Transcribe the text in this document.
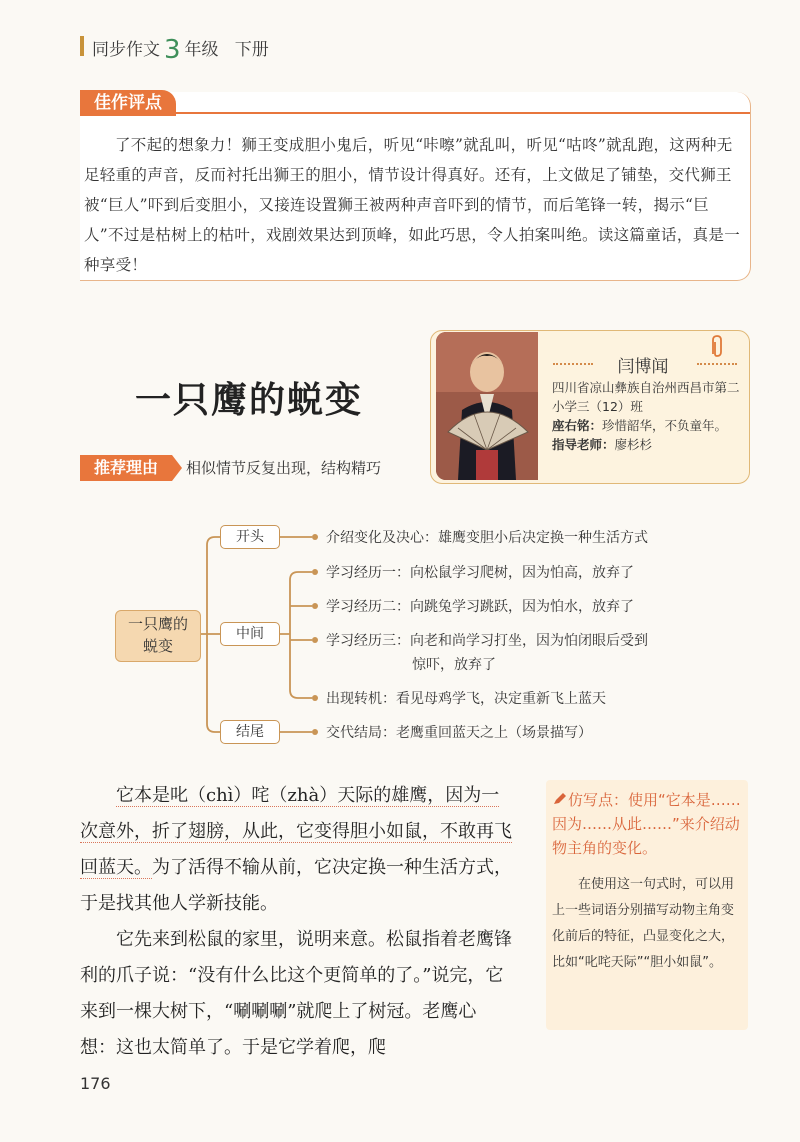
同步作文 3 年级 下册
佳作评点
了不起的想象力！狮王变成胆小鬼后，听见“咔嚓”就乱叫，听见“咕咚”就乱跑，这两种无足轻重的声音，反而衬托出狮王的胆小，情节设计得真好。还有，上文做足了铺垫，交代狮王被“巨人”吓到后变胆小，又接连设置狮王被两种声音吓到的情节，而后笔锋一转，揭示“巨人”不过是枯树上的枯叶，戏剧效果达到顶峰，如此巧思，令人拍案叫绝。读这篇童话，真是一种享受！
一只鹰的蜕变
推荐理由	相似情节反复出现，结构精巧
闫博闻
四川省凉山彝族自治州西昌市第二小学三（12）班
座右铭：珍惜韶华，不负童年。
指导老师：廖杉杉
一只鹰的
蜕变
开头
中间
结尾
介绍变化及决心：雄鹰变胆小后决定换一种生活方式
学习经历一：向松鼠学习爬树，因为怕高，放弃了
学习经历二：向跳兔学习跳跃，因为怕水，放弃了
学习经历三：向老和尚学习打坐，因为怕闭眼后受到
惊吓，放弃了
出现转机：看见母鸡学飞，决定重新飞上蓝天
交代结局：老鹰重回蓝天之上（场景描写）
它本是叱（chì）咤（zhà）天际的雄鹰，因为一次意外，折了翅膀，从此，它变得胆小如鼠，不敢再飞回蓝天。为了活得不输从前，它决定换一种生活方式，于是找其他人学新技能。
它先来到松鼠的家里，说明来意。松鼠指着老鹰锋利的爪子说：“没有什么比这个更简单的了。”说完，它来到一棵大树下，“唰唰唰”就爬上了树冠。老鹰心想：这也太简单了。于是它学着爬，爬
仿写点：使用“它本是……因为……从此……”来介绍动物主角的变化。
在使用这一句式时，可以用上一些词语分别描写动物主角变化前后的特征，凸显变化之大，比如“叱咤天际”“胆小如鼠”。
176
